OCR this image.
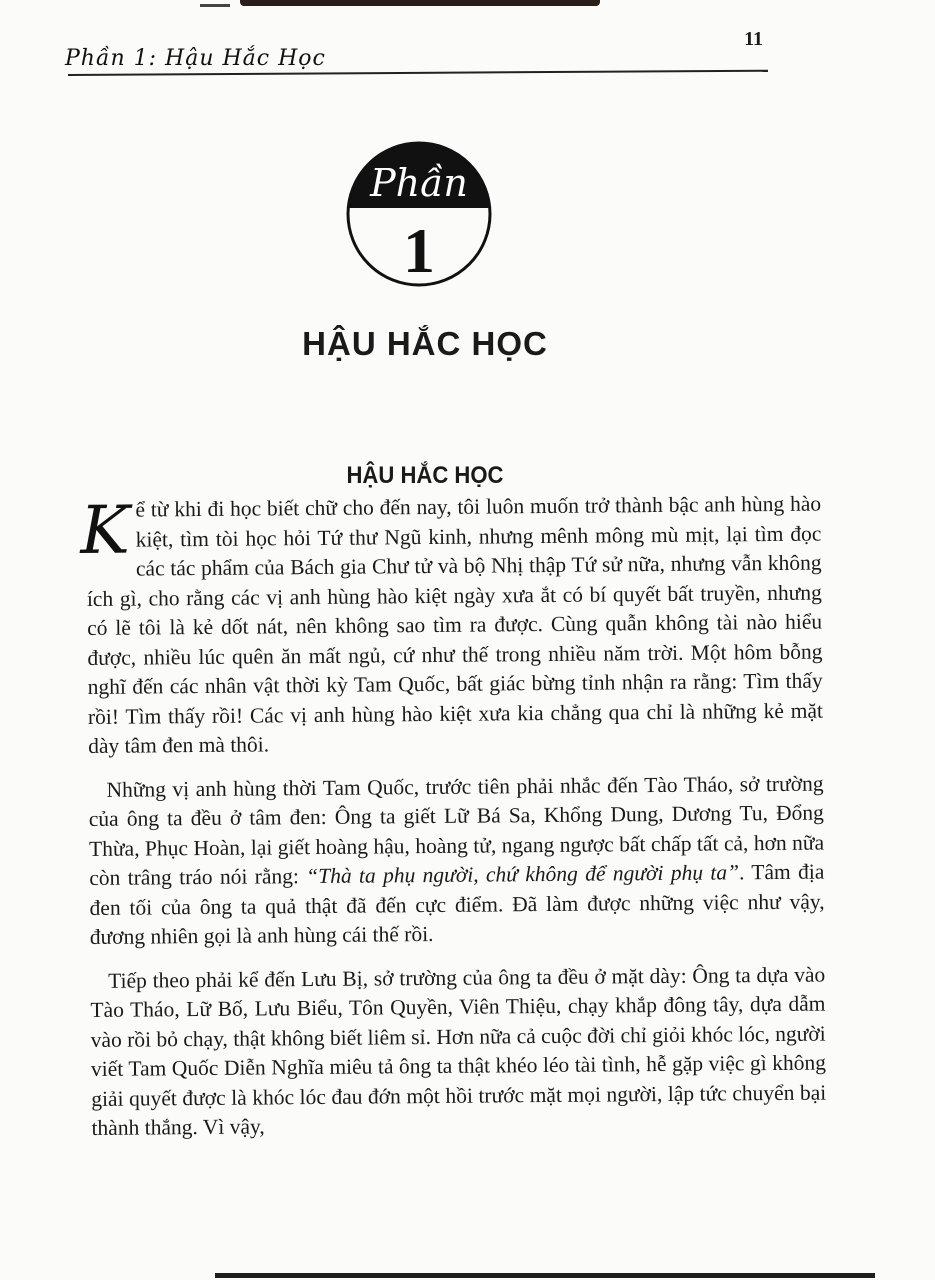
Phần 1: Hậu Hắc Học
11
Phần
1
HẬU HẮC HỌC
HẬU HẮC HỌC

Kể từ khi đi học biết chữ cho đến nay, tôi luôn muốn trở thành bậc anh hùng hào kiệt, tìm tòi học hỏi Tứ thư Ngũ kinh, nhưng mênh mông mù mịt, lại tìm đọc các tác phẩm của Bách gia Chư tử và bộ Nhị thập Tứ sử nữa, nhưng vẫn không ích gì, cho rằng các vị anh hùng hào kiệt ngày xưa ắt có bí quyết bất truyền, nhưng có lẽ tôi là kẻ dốt nát, nên không sao tìm ra được. Cùng quẫn không tài nào hiểu được, nhiều lúc quên ăn mất ngủ, cứ như thế trong nhiều năm trời. Một hôm bỗng nghĩ đến các nhân vật thời kỳ Tam Quốc, bất giác bừng tỉnh nhận ra rằng: Tìm thấy rồi! Tìm thấy rồi! Các vị anh hùng hào kiệt xưa kia chẳng qua chỉ là những kẻ mặt dày tâm đen mà thôi.

Những vị anh hùng thời Tam Quốc, trước tiên phải nhắc đến Tào Tháo, sở trường của ông ta đều ở tâm đen: Ông ta giết Lữ Bá Sa, Khổng Dung, Dương Tu, Đổng Thừa, Phục Hoàn, lại giết hoàng hậu, hoàng tử, ngang ngược bất chấp tất cả, hơn nữa còn trâng tráo nói rằng: “Thà ta phụ người, chứ không để người phụ ta”. Tâm địa đen tối của ông ta quả thật đã đến cực điểm. Đã làm được những việc như vậy, đương nhiên gọi là anh hùng cái thế rồi.

Tiếp theo phải kể đến Lưu Bị, sở trường của ông ta đều ở mặt dày: Ông ta dựa vào Tào Tháo, Lữ Bố, Lưu Biểu, Tôn Quyền, Viên Thiệu, chạy khắp đông tây, dựa dẫm vào rồi bỏ chạy, thật không biết liêm sỉ. Hơn nữa cả cuộc đời chỉ giỏi khóc lóc, người viết Tam Quốc Diễn Nghĩa miêu tả ông ta thật khéo léo tài tình, hễ gặp việc gì không giải quyết được là khóc lóc đau đớn một hồi trước mặt mọi người, lập tức chuyển bại thành thắng. Vì vậy,
